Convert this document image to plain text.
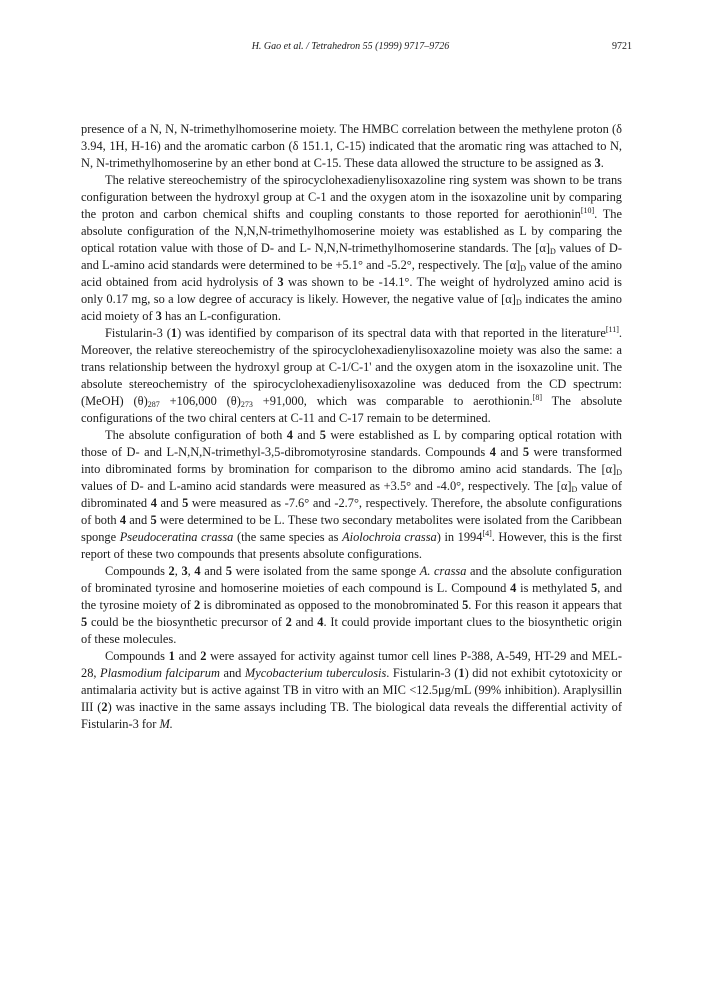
H. Gao et al. / Tetrahedron 55 (1999) 9717–9726	9721

presence of a N, N, N-trimethylhomoserine moiety. The HMBC correlation between the methylene proton (δ 3.94, 1H, H-16) and the aromatic carbon (δ 151.1, C-15) indicated that the aromatic ring was attached to N, N, N-trimethylhomoserine by an ether bond at C-15. These data allowed the structure to be assigned as 3.

The relative stereochemistry of the spirocyclohexadienylisoxazoline ring system was shown to be trans configuration between the hydroxyl group at C-1 and the oxygen atom in the isoxazoline unit by comparing the proton and carbon chemical shifts and coupling constants to those reported for aerothionin[10]. The absolute configuration of the N,N,N-trimethylhomoserine moiety was established as L by comparing the optical rotation value with those of D- and L- N,N,N-trimethylhomoserine standards. The $[\alpha]_D$ values of D- and L-amino acid standards were determined to be +5.1° and -5.2°, respectively. The $[\alpha]_D$ value of the amino acid obtained from acid hydrolysis of 3 was shown to be -14.1°. The weight of hydrolyzed amino acid is only 0.17 mg, so a low degree of accuracy is likely. However, the negative value of $[\alpha]_D$ indicates the amino acid moiety of 3 has an L-configuration.

Fistularin-3 (1) was identified by comparison of its spectral data with that reported in the literature[11]. Moreover, the relative stereochemistry of the spirocyclohexadienylisoxazoline moiety was also the same: a trans relationship between the hydroxyl group at C-1/C-1' and the oxygen atom in the isoxazoline unit. The absolute stereochemistry of the spirocyclohexadienylisoxazoline was deduced from the CD spectrum: (MeOH) $(\theta)_{287} +106,000$ $(\theta)_{273} +91,000$, which was comparable to aerothionin.[8] The absolute configurations of the two chiral centers at C-11 and C-17 remain to be determined.

The absolute configuration of both 4 and 5 were established as L by comparing optical rotation with those of D- and L-N,N,N-trimethyl-3,5-dibromotyrosine standards. Compounds 4 and 5 were transformed into dibrominated forms by bromination for comparison to the dibromo amino acid standards. The $[\alpha]_D$ values of D- and L-amino acid standards were measured as +3.5° and -4.0°, respectively. The $[\alpha]_D$ value of dibrominated 4 and 5 were measured as -7.6° and -2.7°, respectively. Therefore, the absolute configurations of both 4 and 5 were determined to be L. These two secondary metabolites were isolated from the Caribbean sponge Pseudoceratina crassa (the same species as Aiolochroia crassa) in 1994[4]. However, this is the first report of these two compounds that presents absolute configurations.

Compounds 2, 3, 4 and 5 were isolated from the same sponge A. crassa and the absolute configuration of brominated tyrosine and homoserine moieties of each compound is L. Compound 4 is methylated 5, and the tyrosine moiety of 2 is dibrominated as opposed to the monobrominated 5. For this reason it appears that 5 could be the biosynthetic precursor of 2 and 4. It could provide important clues to the biosynthetic origin of these molecules.

Compounds 1 and 2 were assayed for activity against tumor cell lines P-388, A-549, HT-29 and MEL-28, Plasmodium falciparum and Mycobacterium tuberculosis. Fistularin-3 (1) did not exhibit cytotoxicity or antimalaria activity but is active against TB in vitro with an MIC <12.5μg/mL (99% inhibition). Araplysillin III (2) was inactive in the same assays including TB. The biological data reveals the differential activity of Fistularin-3 for M.
